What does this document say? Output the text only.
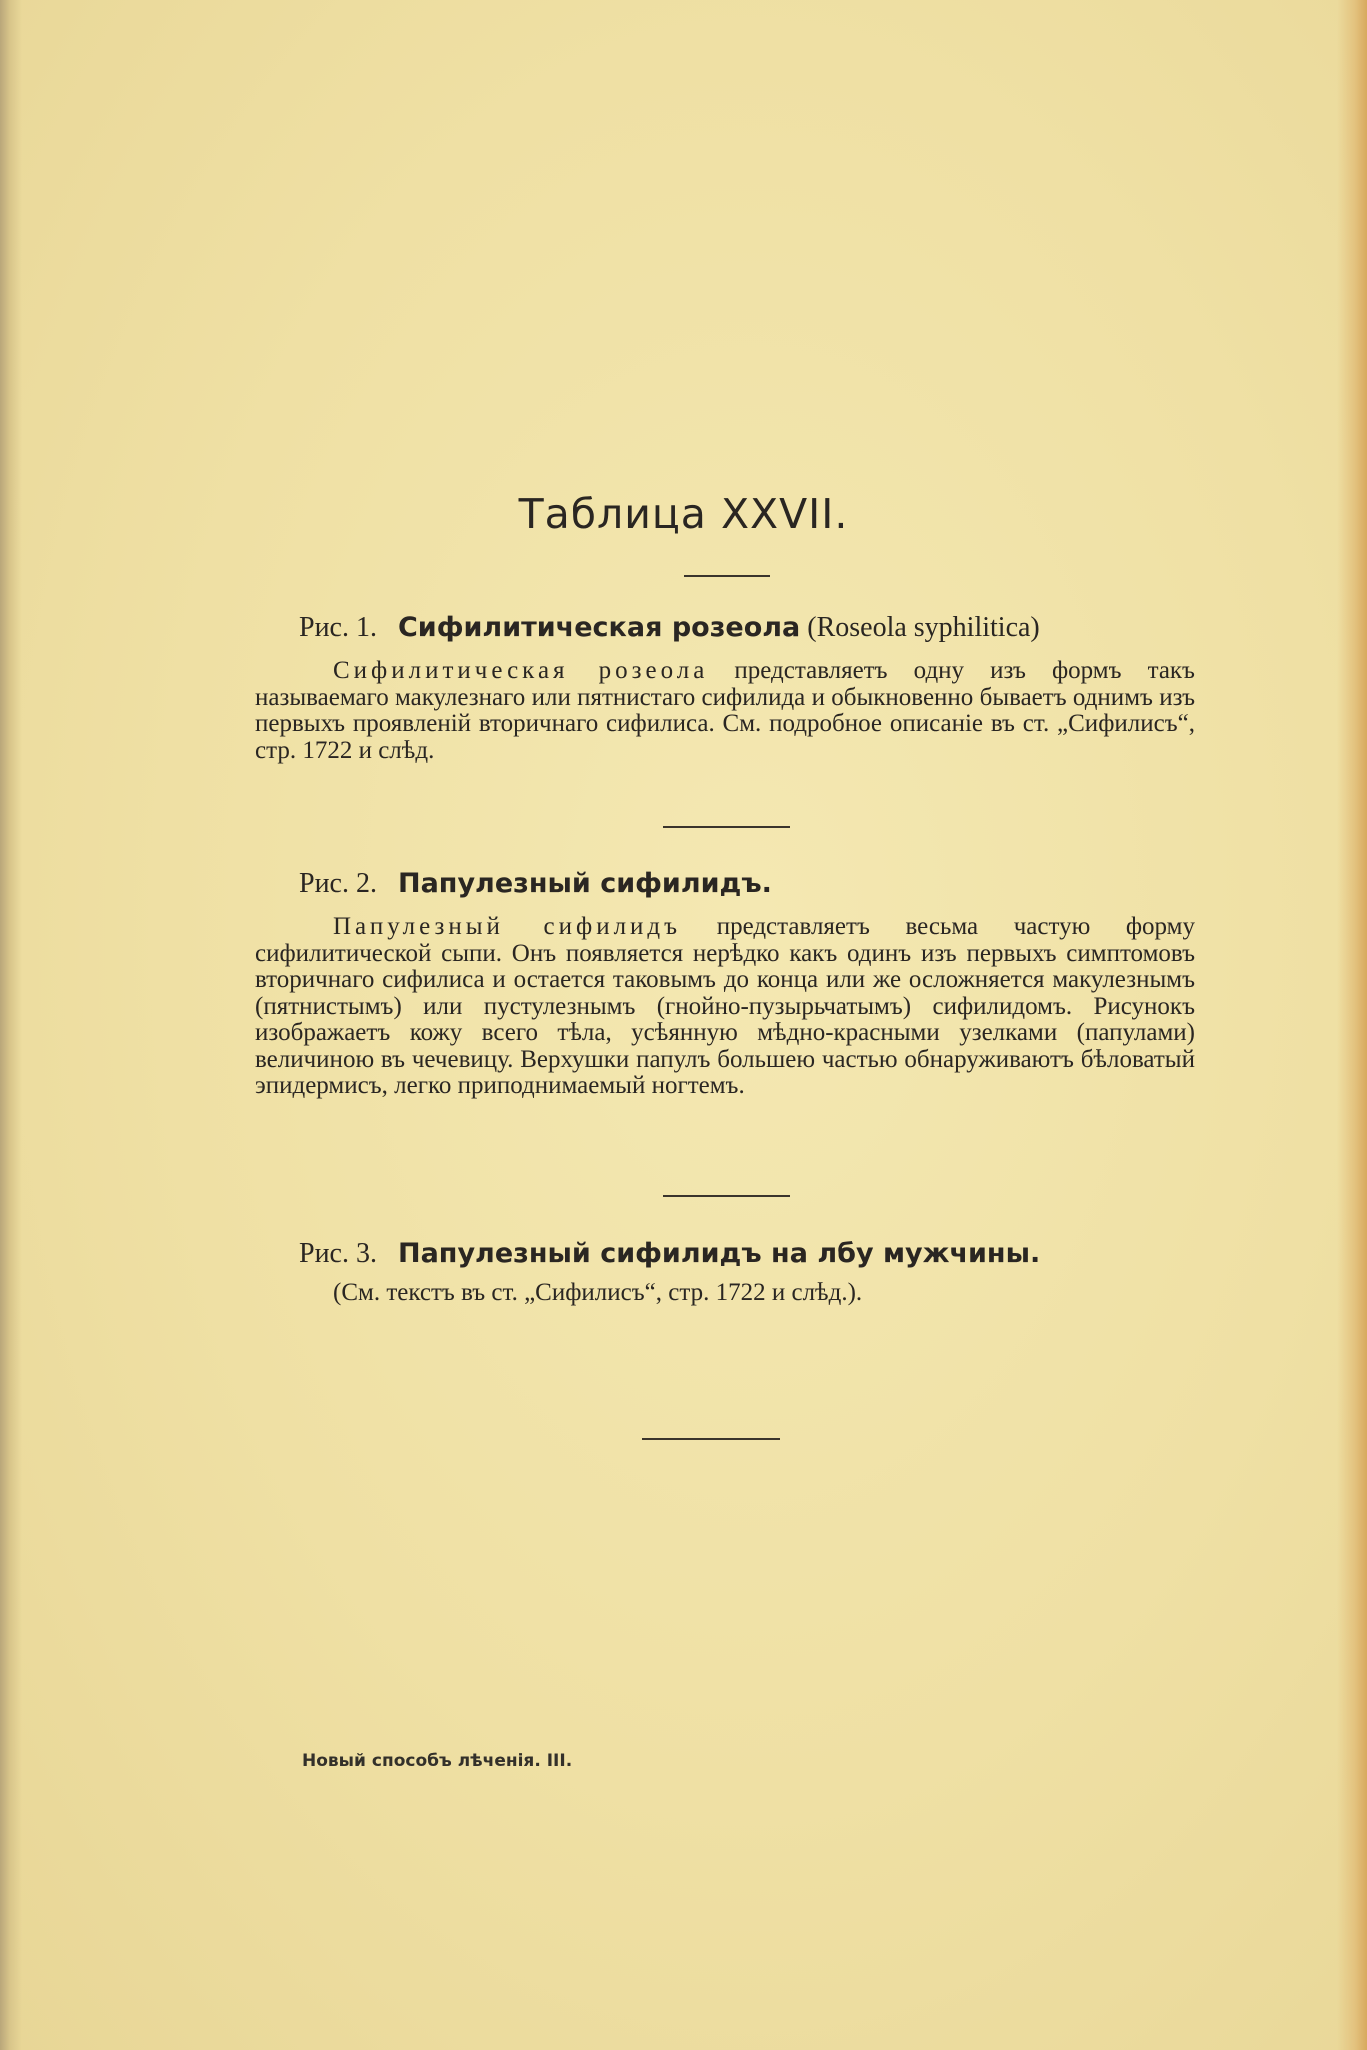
Таблица XXVII.
Рис. 1. Сифилитическая розеола (Roseola syphilitica)
Сифилитическая розеола представляетъ одну изъ формъ такъ называемаго макулезнаго или пятнистаго сифилида и обыкновенно бываетъ однимъ изъ первыхъ проявленій вторичнаго сифилиса. См. подробное описаніе въ ст. „Сифилисъ“, стр. 1722 и слѣд.
Рис. 2. Папулезный сифилидъ.
Папулезный сифилидъ представляетъ весьма частую форму сифилитической сыпи. Онъ появляется нерѣдко какъ одинъ изъ первыхъ симптомовъ вторичнаго сифилиса и остается таковымъ до конца или же осложняется макулезнымъ (пятнистымъ) или пустулезнымъ (гнойно-пузырьчатымъ) сифилидомъ. Рисунокъ изображаетъ кожу всего тѣла, усѣянную мѣдно-красными узелками (папулами) величиною въ чечевицу. Верхушки папулъ большею частью обнаруживаютъ бѣловатый эпидермисъ, легко приподнимаемый ногтемъ.
Рис. 3. Папулезный сифилидъ на лбу мужчины.
(См. текстъ въ ст. „Сифилисъ“, стр. 1722 и слѣд.).
Новый способъ лѣченія. III.
